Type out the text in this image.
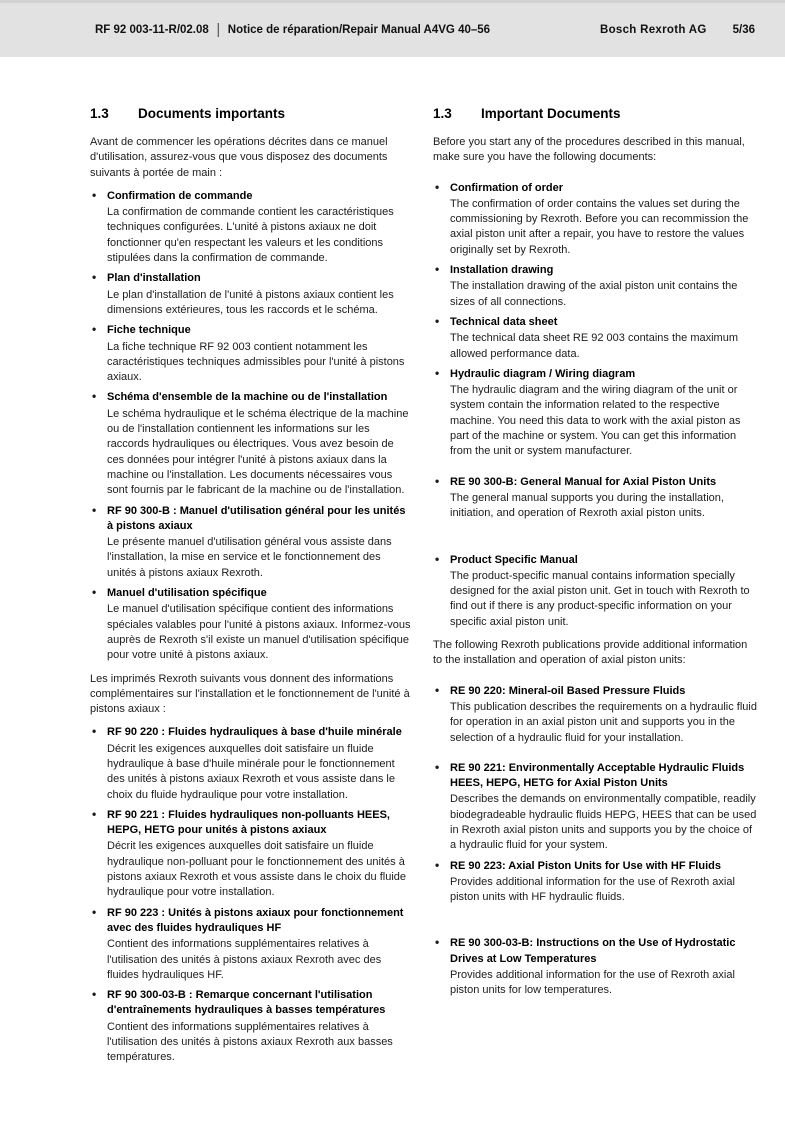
RF 92 003-11-R/02.08 | Notice de réparation/Repair Manual A4VG 40–56	Bosch Rexroth AG 5/36
1.3	Documents importants

Avant de commencer les opérations décrites dans ce manuel d'utilisation, assurez-vous que vous disposez des documents suivants à portée de main :

• Confirmation de commande

La confirmation de commande contient les caractéristiques techniques configurées. L'unité à pistons axiaux ne doit fonctionner qu'en respectant les valeurs et les conditions stipulées dans la confirmation de commande.

• Plan d'installation

Le plan d'installation de l'unité à pistons axiaux contient les dimensions extérieures, tous les raccords et le schéma.

• Fiche technique

La fiche technique RF 92 003 contient notamment les caractéristiques techniques admissibles pour l'unité à pistons axiaux.

• Schéma d'ensemble de la machine ou de l'installation

Le schéma hydraulique et le schéma électrique de la machine ou de l'installation contiennent les informations sur les raccords hydrauliques ou électriques. Vous avez besoin de ces données pour intégrer l'unité à pistons axiaux dans la machine ou l'installation. Les documents nécessaires vous sont fournis par le fabricant de la machine ou de l'installation.

• RF 90 300-B : Manuel d'utilisation général pour les unités à pistons axiaux

Le présente manuel d'utilisation général vous assiste dans l'installation, la mise en service et le fonctionnement des unités à pistons axiaux Rexroth.

• Manuel d'utilisation spécifique

Le manuel d'utilisation spécifique contient des informations spéciales valables pour l'unité à pistons axiaux. Informez-vous auprès de Rexroth s'il existe un manuel d'utilisation spécifique pour votre unité à pistons axiaux.

Les imprimés Rexroth suivants vous donnent des informations complémentaires sur l'installation et le fonctionnement de l'unité à pistons axiaux :

• RF 90 220 : Fluides hydrauliques à base d'huile minérale

Décrit les exigences auxquelles doit satisfaire un fluide hydraulique à base d'huile minérale pour le fonctionnement des unités à pistons axiaux Rexroth et vous assiste dans le choix du fluide hydraulique pour votre installation.

• RF 90 221 : Fluides hydrauliques non-polluants HEES, HEPG, HETG pour unités à pistons axiaux

Décrit les exigences auxquelles doit satisfaire un fluide hydraulique non-polluant pour le fonctionnement des unités à pistons axiaux Rexroth et vous assiste dans le choix du fluide hydraulique pour votre installation.

• RF 90 223 : Unités à pistons axiaux pour fonctionnement avec des fluides hydrauliques HF

Contient des informations supplémentaires relatives à l'utilisation des unités à pistons axiaux Rexroth avec des fluides hydrauliques HF.

• RF 90 300-03-B : Remarque concernant l'utilisation d'entraînements hydrauliques à basses températures

Contient des informations supplémentaires relatives à l'utilisation des unités à pistons axiaux Rexroth aux basses températures.

1.3	Important Documents

Before you start any of the procedures described in this manual, make sure you have the following documents:

• Confirmation of order

The confirmation of order contains the values set during the commissioning by Rexroth. Before you can recommission the axial piston unit after a repair, you have to restore the values originally set by Rexroth.

• Installation drawing

The installation drawing of the axial piston unit contains the sizes of all connections.

• Technical data sheet

The technical data sheet RE 92 003 contains the maximum allowed performance data.

• Hydraulic diagram / Wiring diagram

The hydraulic diagram and the wiring diagram of the unit or system contain the information related to the respective machine. You need this data to work with the axial piston as part of the machine or system. You can get this information from the unit or system manufacturer.

• RE 90 300-B: General Manual for Axial Piston Units

The general manual supports you during the installation, initiation, and operation of Rexroth axial piston units.

• Product Specific Manual

The product-specific manual contains information specially designed for the axial piston unit. Get in touch with Rexroth to find out if there is any product-specific information on your specific axial piston unit.

The following Rexroth publications provide additional information to the installation and operation of axial piston units:

• RE 90 220: Mineral-oil Based Pressure Fluids

This publication describes the requirements on a hydraulic fluid for operation in an axial piston unit and supports you in the selection of a hydraulic fluid for your installation.

• RE 90 221: Environmentally Acceptable Hydraulic Fluids HEES, HEPG, HETG for Axial Piston Units

Describes the demands on environmentally compatible, readily biodegradeable hydraulic fluids HEPG, HEES that can be used in Rexroth axial piston units and supports you by the choice of a hydraulic fluid for your system.

• RE 90 223: Axial Piston Units for Use with HF Fluids

Provides additional information for the use of Rexroth axial piston units with HF hydraulic fluids.

• RE 90 300-03-B: Instructions on the Use of Hydrostatic Drives at Low Temperatures

Provides additional information for the use of Rexroth axial piston units for low temperatures.
